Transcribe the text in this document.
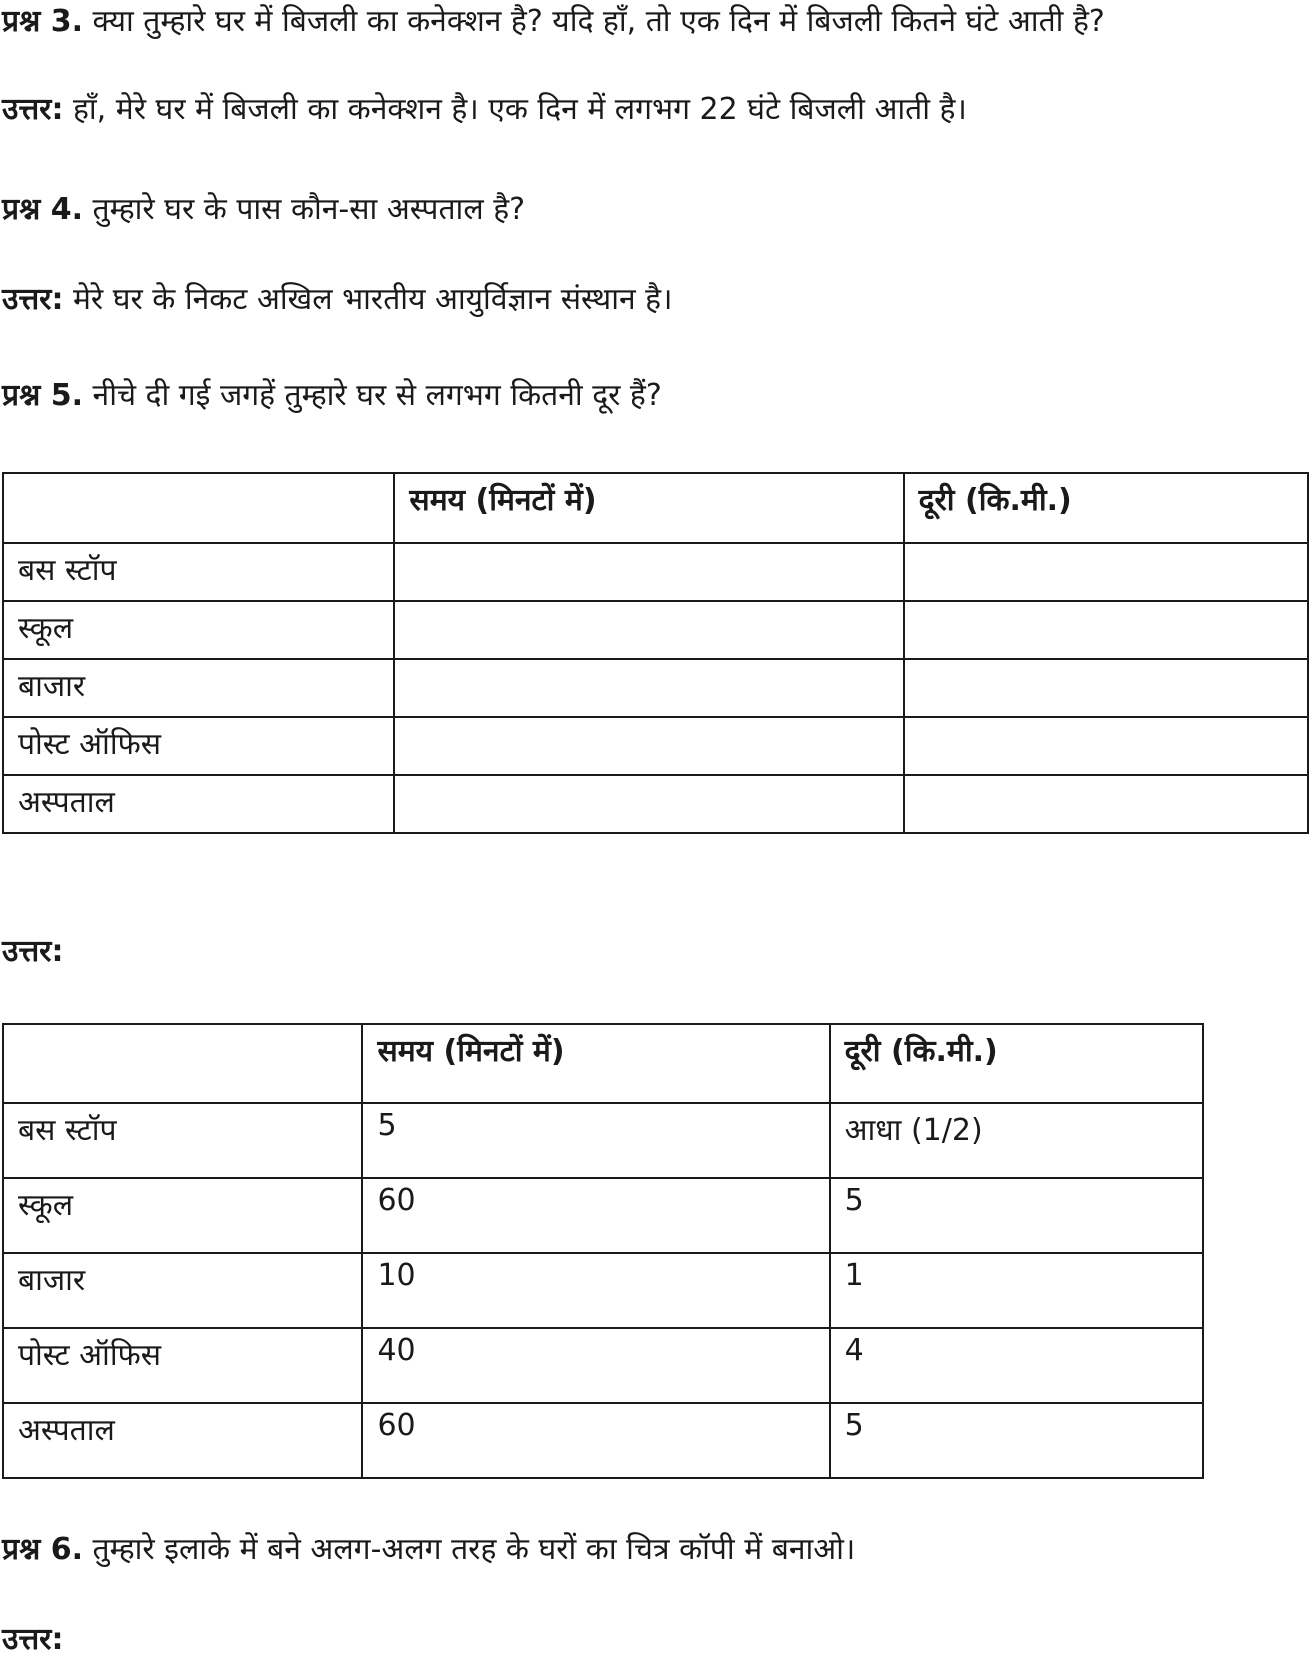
प्रश्न 3. क्या तुम्हारे घर में बिजली का कनेक्शन है? यदि हाँ, तो एक दिन में बिजली कितने घंटे आती है?
उत्तर: हाँ, मेरे घर में बिजली का कनेक्शन है। एक दिन में लगभग 22 घंटे बिजली आती है।
प्रश्न 4. तुम्हारे घर के पास कौन-सा अस्पताल है?
उत्तर: मेरे घर के निकट अखिल भारतीय आयुर्विज्ञान संस्थान है।
प्रश्न 5. नीचे दी गई जगहें तुम्हारे घर से लगभग कितनी दूर हैं?
	समय (मिनटों में)	दूरी (कि.मी.)
बस स्टॉप		
स्कूल		
बाजार		
पोस्ट ऑफिस		
अस्पताल		
उत्तर:
	समय (मिनटों में)	दूरी (कि.मी.)
बस स्टॉप	5	आधा (1/2)
स्कूल	60	5
बाजार	10	1
पोस्ट ऑफिस	40	4
अस्पताल	60	5
प्रश्न 6. तुम्हारे इलाके में बने अलग-अलग तरह के घरों का चित्र कॉपी में बनाओ।
उत्तर:
